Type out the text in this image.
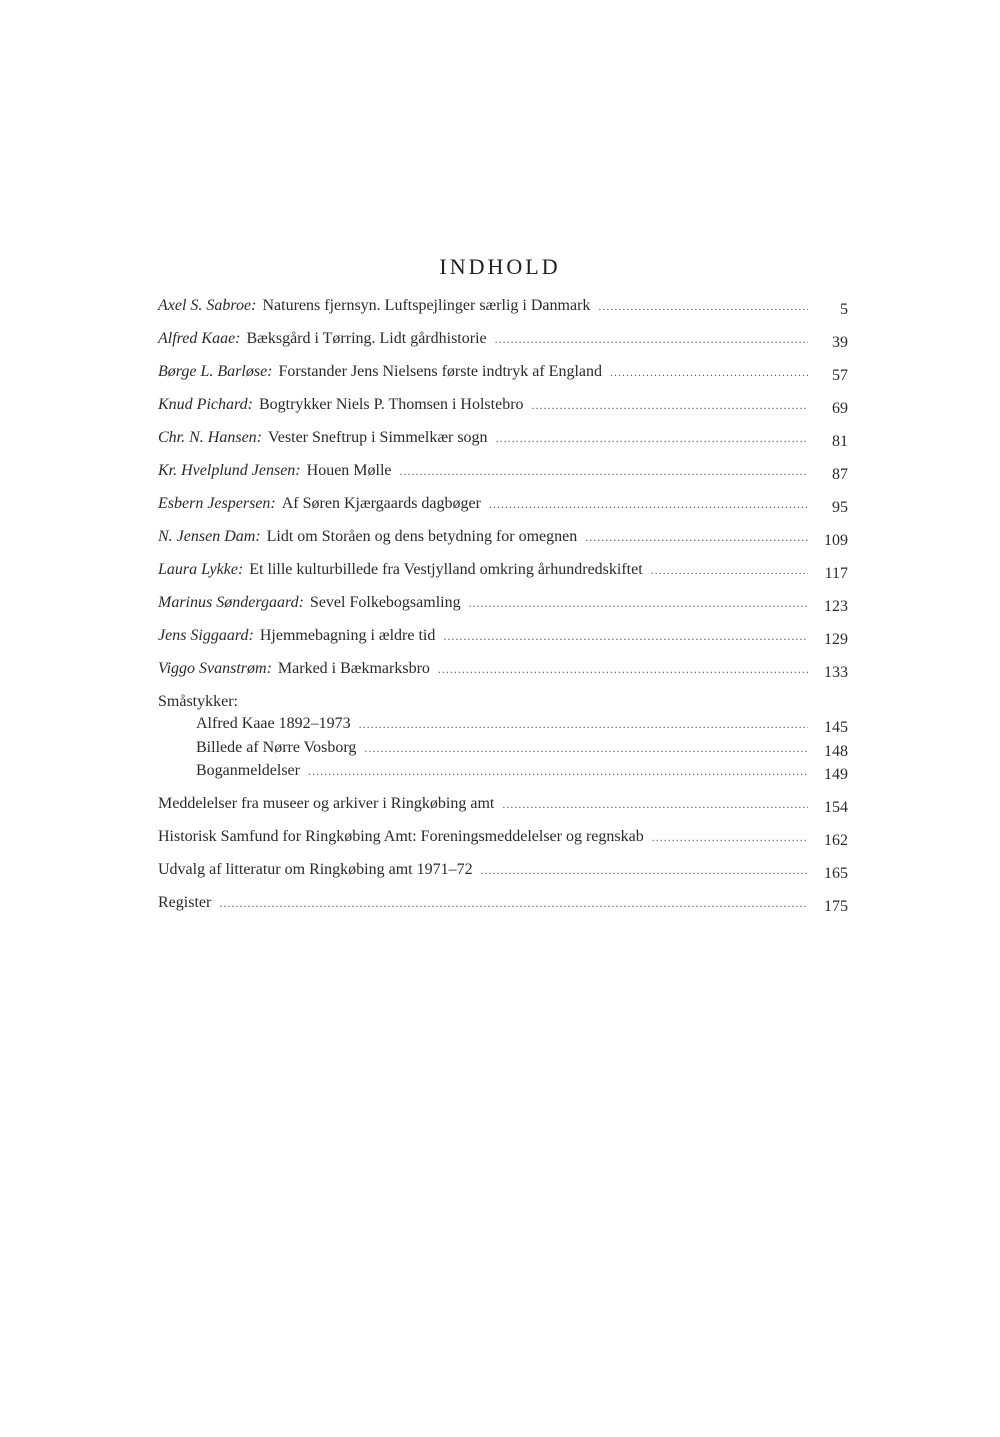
INDHOLD
Axel S. Sabroe: Naturens fjernsyn. Luftspejlinger særlig i Danmark .....	5
Alfred Kaae: Bæksgård i Tørring. Lidt gårdhistorie .....	39
Børge L. Barløse: Forstander Jens Nielsens første indtryk af England .....	57
Knud Pichard: Bogtrykker Niels P. Thomsen i Holstebro .....	69
Chr. N. Hansen: Vester Sneftrup i Simmelkær sogn .....	81
Kr. Hvelplund Jensen: Houen Mølle .....	87
Esbern Jespersen: Af Søren Kjærgaards dagbøger .....	95
N. Jensen Dam: Lidt om Storåen og dens betydning for omegnen .....	109
Laura Lykke: Et lille kulturbillede fra Vestjylland omkring århundredskiftet .....	117
Marinus Søndergaard: Sevel Folkebogsamling .....	123
Jens Siggaard: Hjemmebagning i ældre tid .....	129
Viggo Svanstrøm: Marked i Bækmarksbro .....	133
Småstykker:
Alfred Kaae 1892–1973 .....	145
Billede af Nørre Vosborg .....	148
Boganmeldelser .....	149
Meddelelser fra museer og arkiver i Ringkøbing amt .....	154
Historisk Samfund for Ringkøbing Amt: Foreningsmeddelelser og regnskab .....	162
Udvalg af litteratur om Ringkøbing amt 1971–72 .....	165
Register .....	175
